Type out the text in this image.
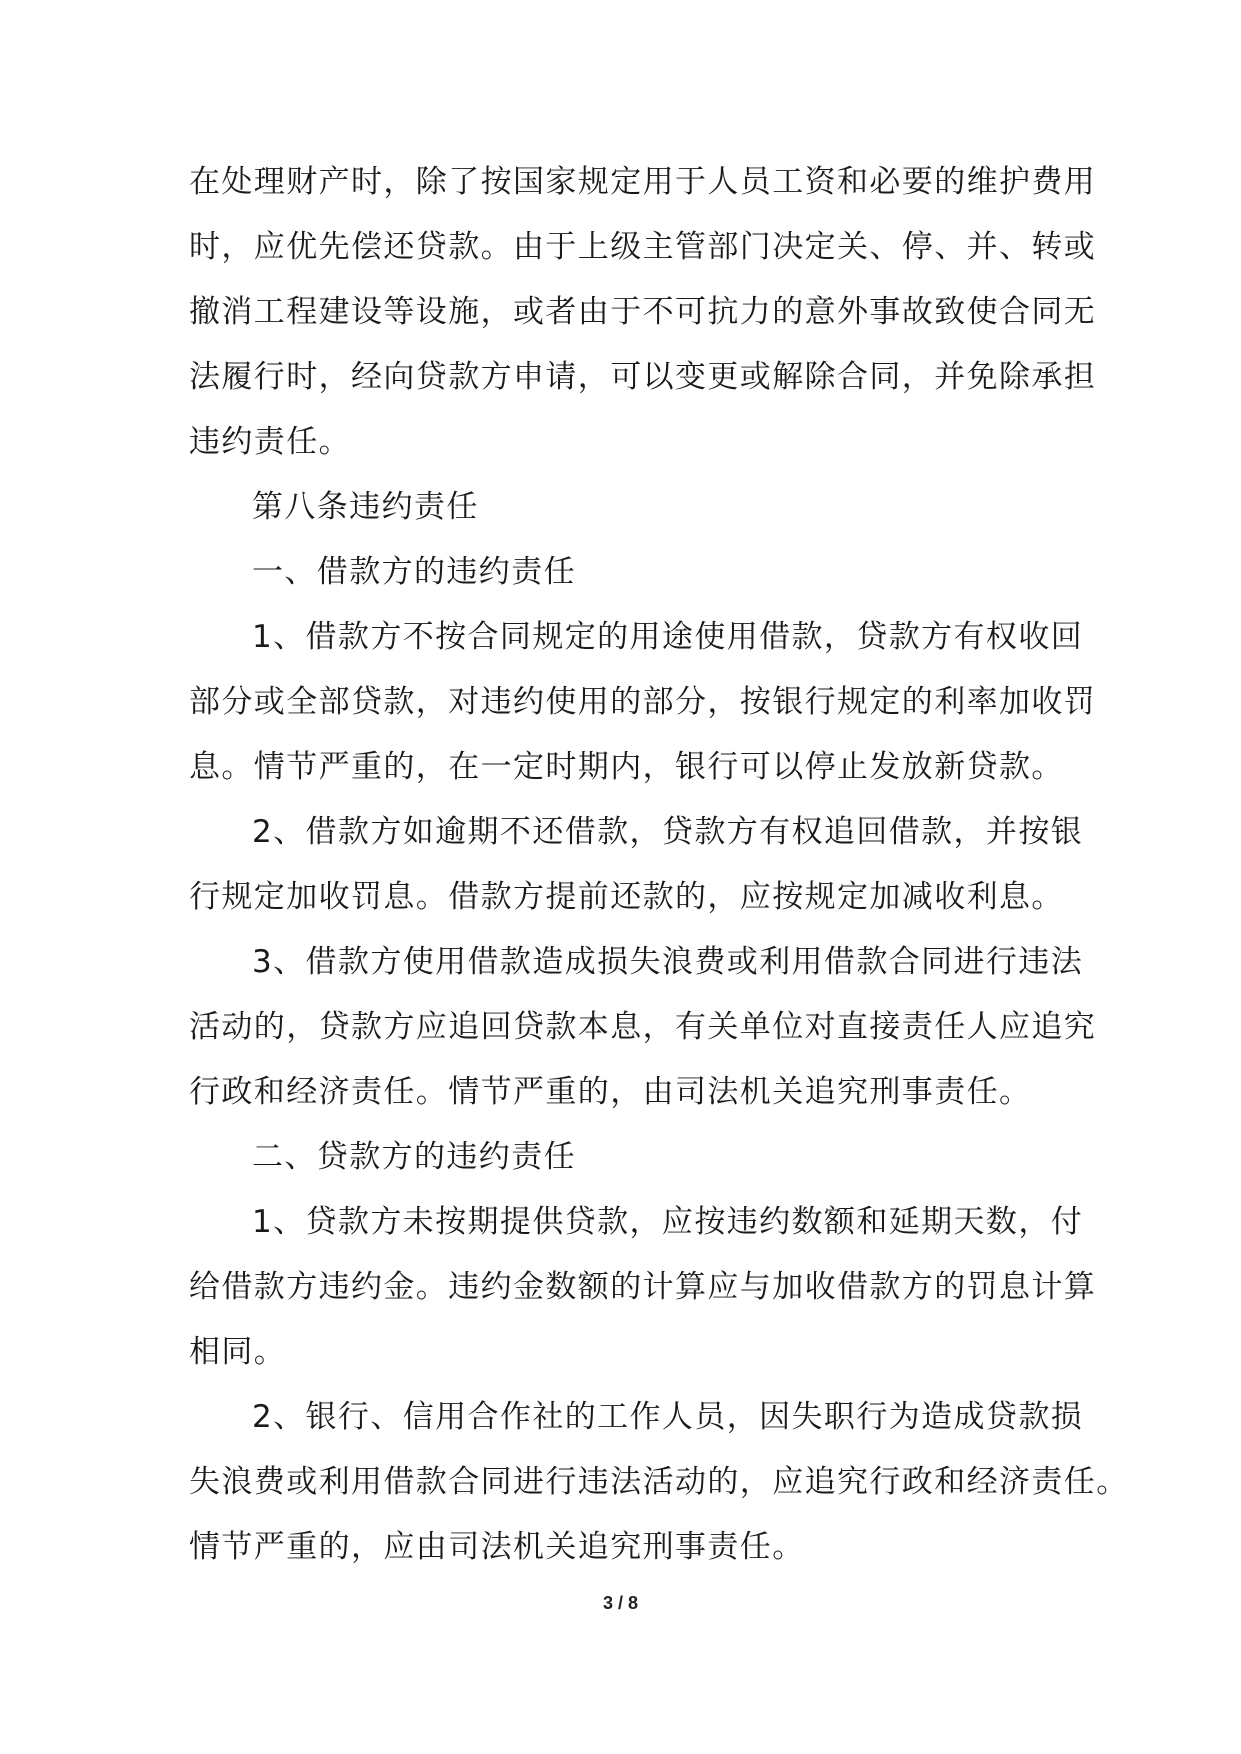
在处理财产时，除了按国家规定用于人员工资和必要的维护费用
时，应优先偿还贷款。由于上级主管部门决定关、停、并、转或
撤消工程建设等设施，或者由于不可抗力的意外事故致使合同无
法履行时，经向贷款方申请，可以变更或解除合同，并免除承担
违约责任。
第八条违约责任
一、借款方的违约责任
1、借款方不按合同规定的用途使用借款，贷款方有权收回
部分或全部贷款，对违约使用的部分，按银行规定的利率加收罚
息。情节严重的，在一定时期内，银行可以停止发放新贷款。
2、借款方如逾期不还借款，贷款方有权追回借款，并按银
行规定加收罚息。借款方提前还款的，应按规定加减收利息。
3、借款方使用借款造成损失浪费或利用借款合同进行违法
活动的，贷款方应追回贷款本息，有关单位对直接责任人应追究
行政和经济责任。情节严重的，由司法机关追究刑事责任。
二、贷款方的违约责任
1、贷款方未按期提供贷款，应按违约数额和延期天数，付
给借款方违约金。违约金数额的计算应与加收借款方的罚息计算
相同。
2、银行、信用合作社的工作人员，因失职行为造成贷款损
失浪费或利用借款合同进行违法活动的，应追究行政和经济责任。
情节严重的，应由司法机关追究刑事责任。
3 / 8
